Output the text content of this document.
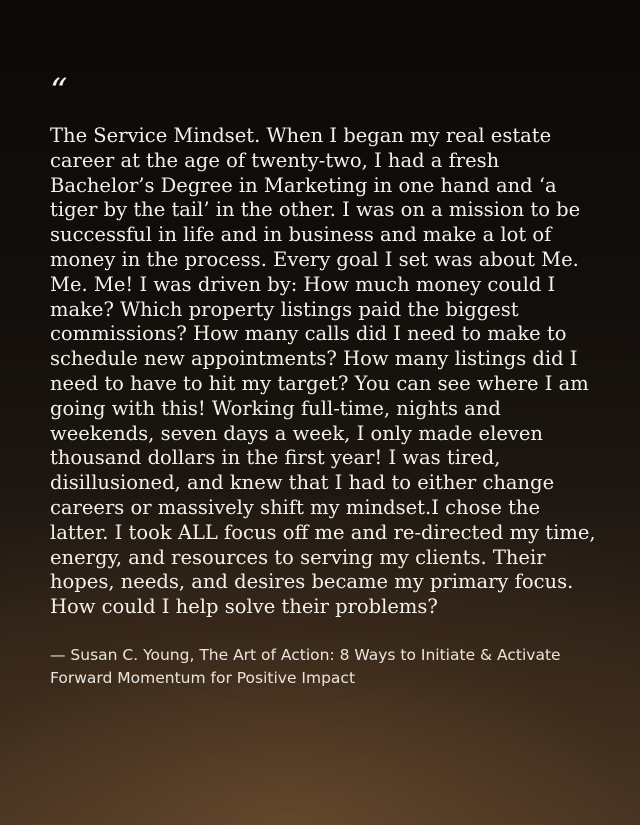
“

The Service Mindset. When I began my real estate career at the age of twenty-two, I had a fresh Bachelor’s Degree in Marketing in one hand and ‘a tiger by the tail’ in the other. I was on a mission to be successful in life and in business and make a lot of money in the process. Every goal I set was about Me. Me. Me! I was driven by: How much money could I make? Which property listings paid the biggest commissions? How many calls did I need to make to schedule new appointments? How many listings did I need to have to hit my target? You can see where I am going with this! Working full-time, nights and weekends, seven days a week, I only made eleven thousand dollars in the first year! I was tired, disillusioned, and knew that I had to either change careers or massively shift my mindset.I chose the latter. I took ALL focus off me and re-directed my time, energy, and resources to serving my clients. Their hopes, needs, and desires became my primary focus. How could I help solve their problems?

— Susan C. Young, The Art of Action: 8 Ways to Initiate & Activate Forward Momentum for Positive Impact
